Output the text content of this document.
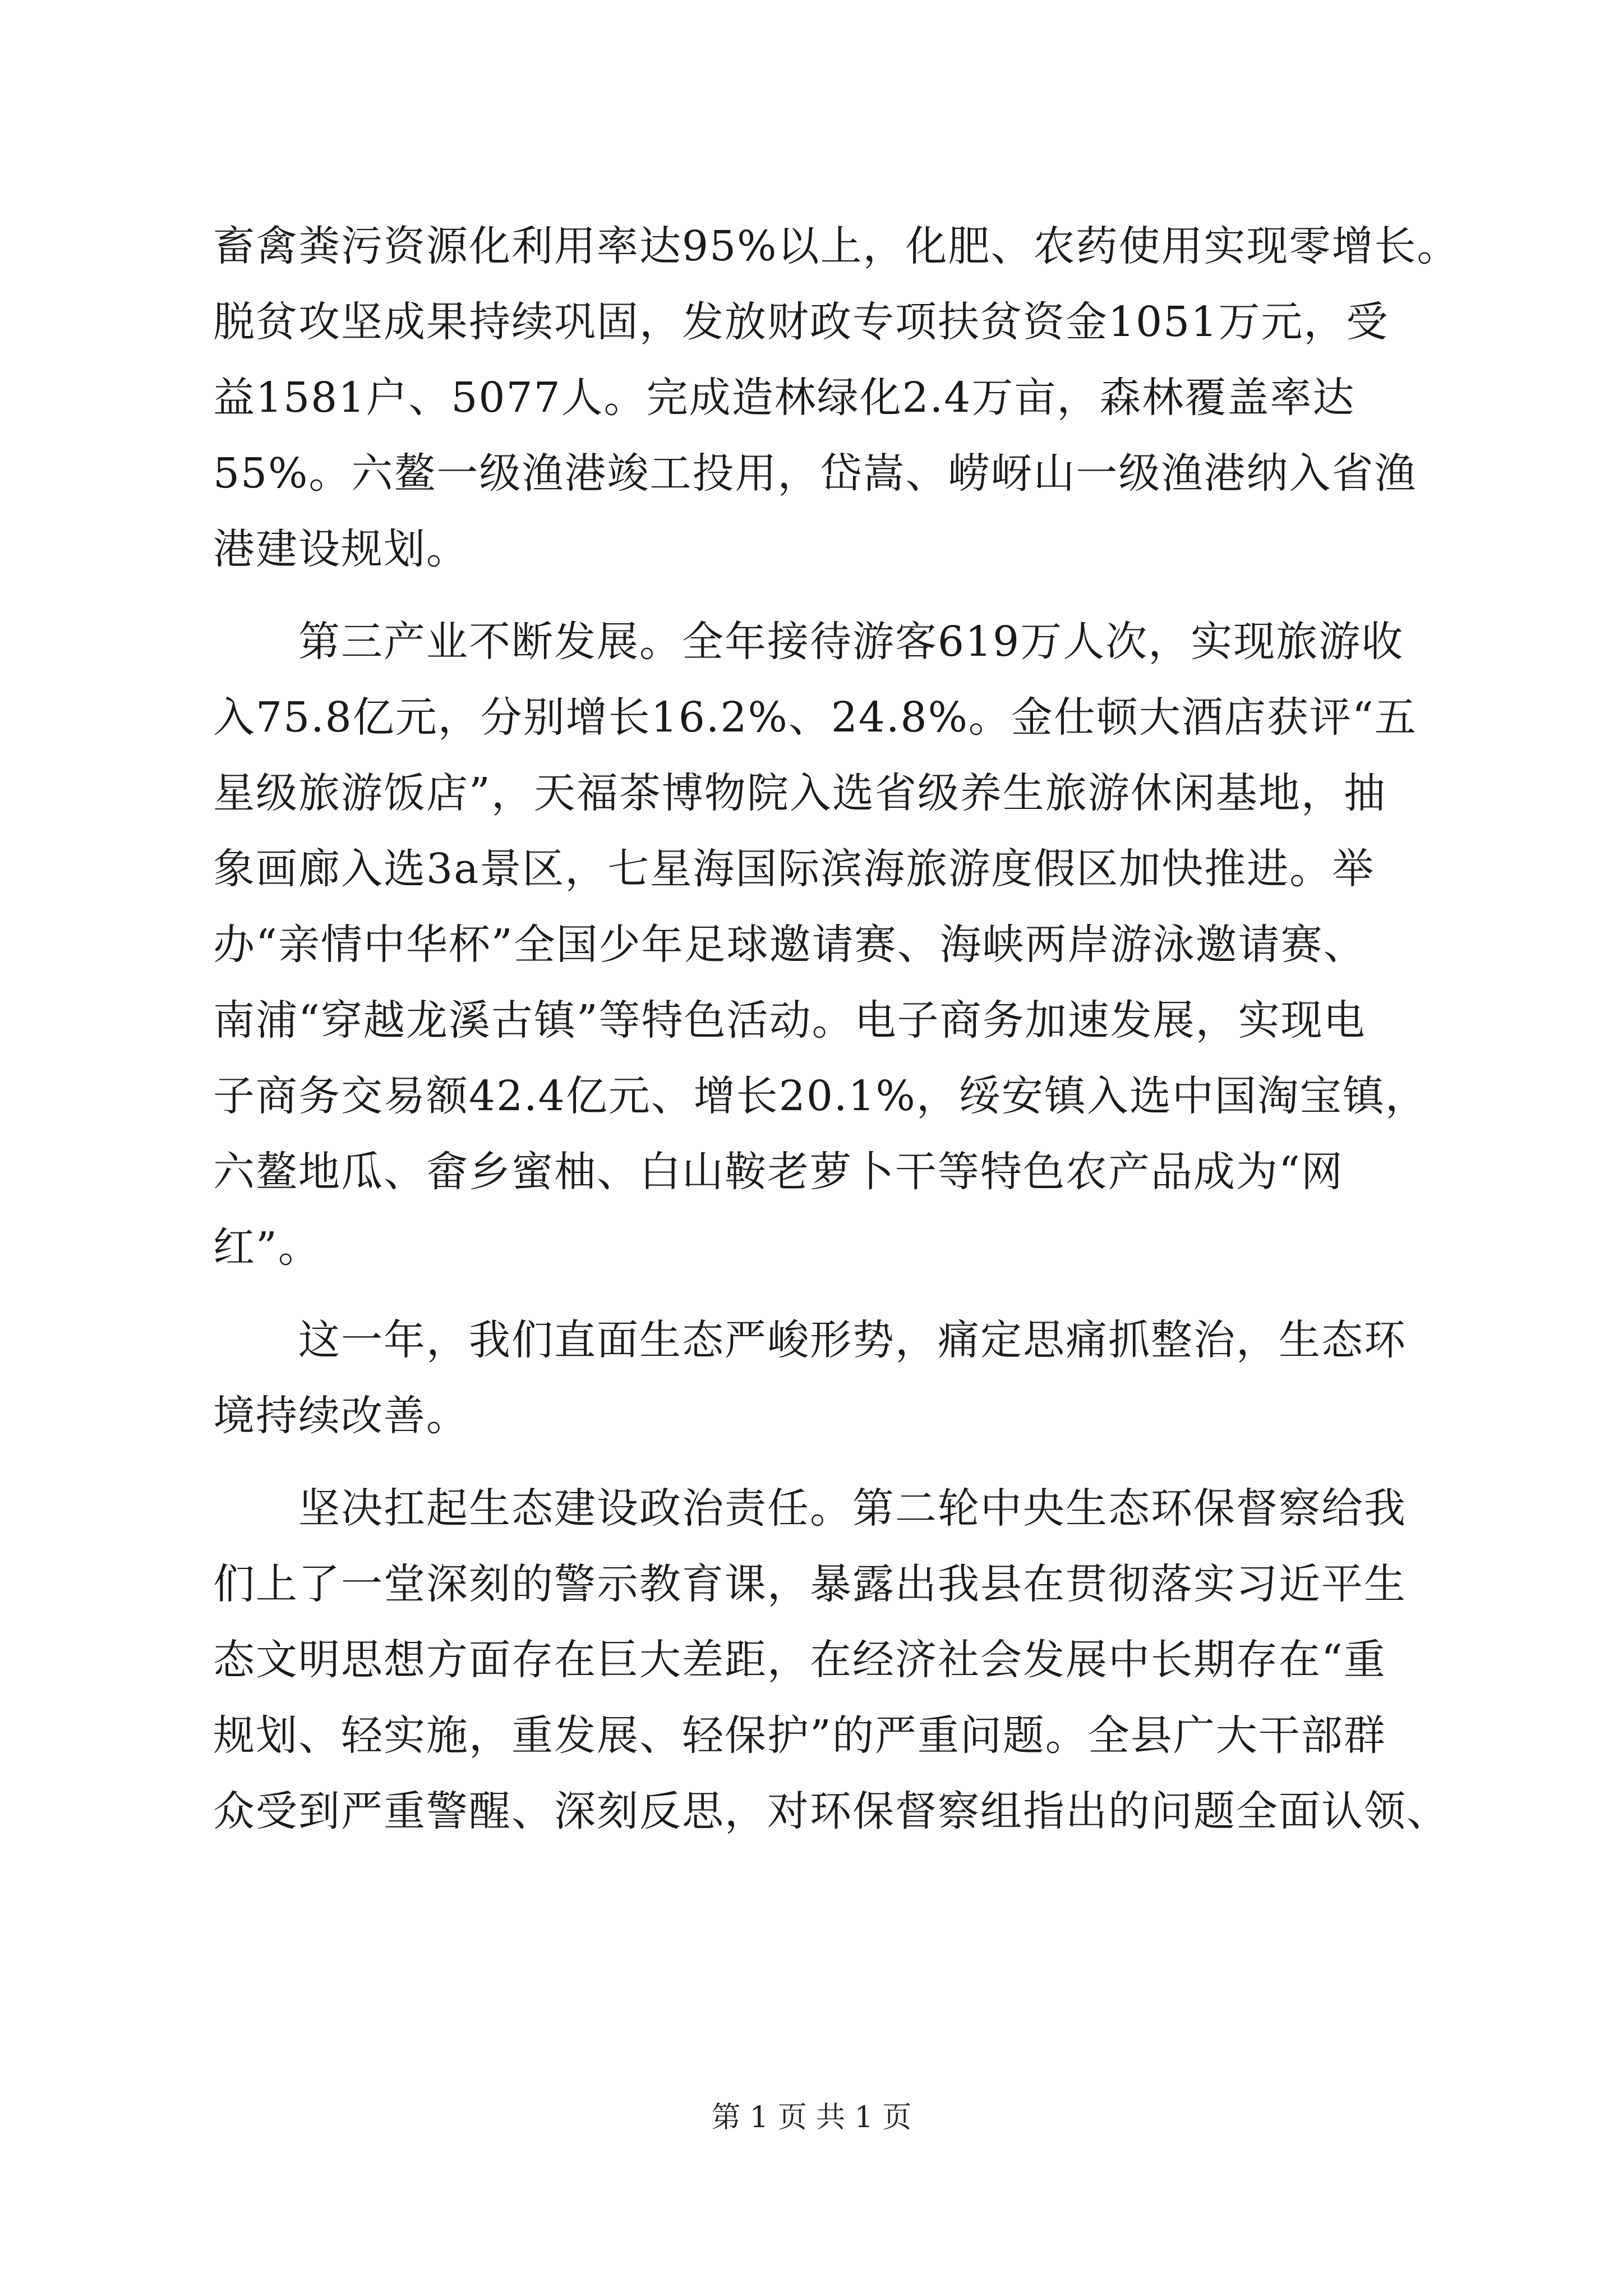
畜禽粪污资源化利用率达95%以上，化肥、农药使用实现零增长。
脱贫攻坚成果持续巩固，发放财政专项扶贫资金1051万元，受
益1581户、5077人。完成造林绿化2.4万亩，森林覆盖率达
55%。六鳌一级渔港竣工投用，岱嵩、崂岈山一级渔港纳入省渔
港建设规划。
　　第三产业不断发展。全年接待游客619万人次，实现旅游收
入75.8亿元，分别增长16.2%、24.8%。金仕顿大酒店获评“五
星级旅游饭店”，天福茶博物院入选省级养生旅游休闲基地，抽
象画廊入选3a景区，七星海国际滨海旅游度假区加快推进。举
办“亲情中华杯”全国少年足球邀请赛、海峡两岸游泳邀请赛、
南浦“穿越龙溪古镇”等特色活动。电子商务加速发展，实现电
子商务交易额42.4亿元、增长20.1%，绥安镇入选中国淘宝镇，
六鳌地瓜、畲乡蜜柚、白山鞍老萝卜干等特色农产品成为“网
红”。
　　这一年，我们直面生态严峻形势，痛定思痛抓整治，生态环
境持续改善。
　　坚决扛起生态建设政治责任。第二轮中央生态环保督察给我
们上了一堂深刻的警示教育课，暴露出我县在贯彻落实习近平生
态文明思想方面存在巨大差距，在经济社会发展中长期存在“重
规划、轻实施，重发展、轻保护”的严重问题。全县广大干部群
众受到严重警醒、深刻反思，对环保督察组指出的问题全面认领、
第 1 页 共 1 页
